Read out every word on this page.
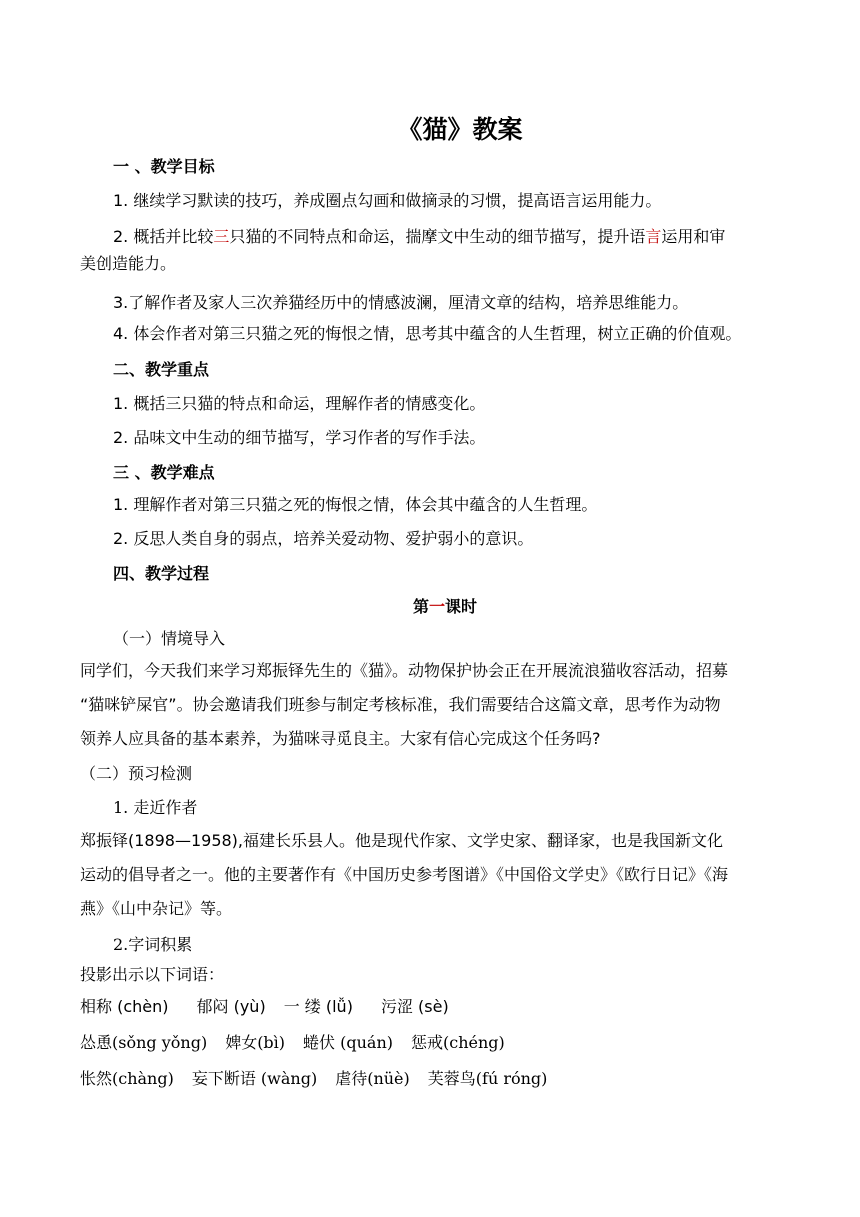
《猫》教案
一 、教学目标
1. 继续学习默读的技巧，养成圈点勾画和做摘录的习惯，提高语言运用能力。
2. 概括并比较三只猫的不同特点和命运，揣摩文中生动的细节描写，提升语言运用和审
美创造能力。
3.了解作者及家人三次养猫经历中的情感波澜，厘清文章的结构，培养思维能力。
4. 体会作者对第三只猫之死的悔恨之情，思考其中蕴含的人生哲理，树立正确的价值观。
二、教学重点
1. 概括三只猫的特点和命运，理解作者的情感变化。
2. 品味文中生动的细节描写，学习作者的写作手法。
三 、教学难点
1. 理解作者对第三只猫之死的悔恨之情，体会其中蕴含的人生哲理。
2. 反思人类自身的弱点，培养关爱动物、爱护弱小的意识。
四、教学过程
第一课时
（一）情境导入
同学们，今天我们来学习郑振铎先生的《猫》。动物保护协会正在开展流浪猫收容活动，招募
“猫咪铲屎官”。协会邀请我们班参与制定考核标准，我们需要结合这篇文章，思考作为动物
领养人应具备的基本素养，为猫咪寻觅良主。大家有信心完成这个任务吗?
（二）预习检测
1. 走近作者
郑振铎(1898—1958),福建长乐县人。他是现代作家、文学史家、翻译家，也是我国新文化
运动的倡导者之一。他的主要著作有《中国历史参考图谱》《中国俗文学史》《欧行日记》《海
燕》《山中杂记》等。
2.字词积累
投影出示以下词语：
相称 (chèn) 郁闷 (yù) 一 缕 (lǚ) 污涩 (sè)
怂恿(sǒng yǒng) 婢女(bì) 蜷伏 (quán) 惩戒(chéng)
怅然(chàng) 妄下断语 (wàng) 虐待(nüè) 芙蓉鸟(fú róng)
